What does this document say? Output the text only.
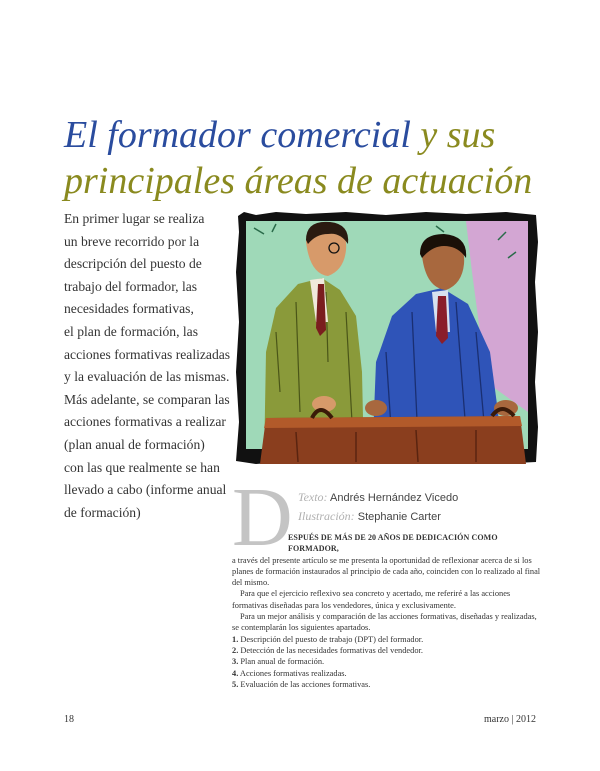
El formador comercial y sus
principales áreas de actuación
En primer lugar se realiza
un breve recorrido por la
descripción del puesto de
trabajo del formador, las
necesidades formativas,
el plan de formación, las
acciones formativas realizadas
y la evaluación de las mismas.
Más adelante, se comparan las
acciones formativas a realizar
(plan anual de formación)
con las que realmente se han
llevado a cabo (informe anual
de formación)	D Texto: Andrés Hernández Vicedo
Ilustración: Stephanie Carter

ESPUÉS DE MÁS DE 20 AÑOS DE DEDICACIÓN COMO FORMADOR,

a través del presente artículo se me presenta la oportunidad de reflexionar acerca de si los planes de formación instaurados al principio de cada año, coinciden con lo realizado al final del mismo.

Para que el ejercicio reflexivo sea concreto y acertado, me referiré a las acciones formativas diseñadas para los vendedores, única y exclusivamente.

Para un mejor análisis y comparación de las acciones formativas, diseñadas y realizadas, se contemplarán los siguientes apartados.

1. Descripción del puesto de trabajo (DPT) del formador.
2. Detección de las necesidades formativas del vendedor.
3. Plan anual de formación.
4. Acciones formativas realizadas.
5. Evaluación de las acciones formativas.
18	marzo | 2012
